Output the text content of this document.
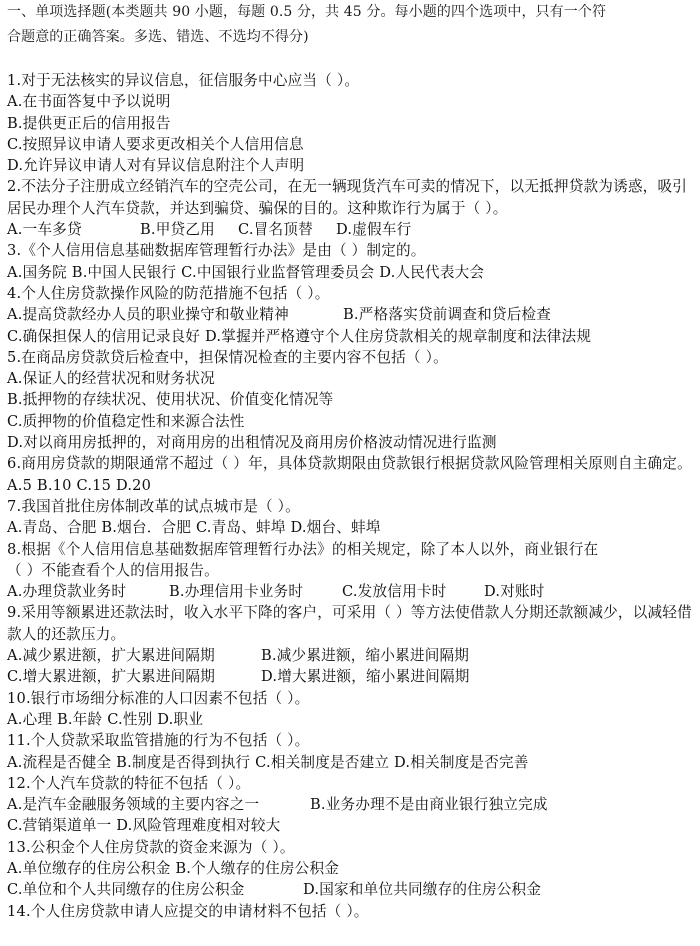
一、单项选择题(本类题共 90 小题，每题 0.5 分，共 45 分。每小题的四个选项中，只有一个符
合题意的正确答案。多选、错选、不选均不得分)
1.对于无法核实的异议信息，征信服务中心应当（ ）。
A.在书面答复中予以说明
B.提供更正后的信用报告
C.按照异议申请人要求更改相关个人信用信息
D.允许异议申请人对有异议信息附注个人声明
2.不法分子注册成立经销汽车的空壳公司，在无一辆现货汽车可卖的情况下，以无抵押贷款为诱惑，吸引居民办理个人汽车贷款，并达到骗贷、骗保的目的。这种欺诈行为属于（ ）。
A.一车多贷	B.甲贷乙用 C.冒名顶替 D.虚假车行
3.《个人信用信息基础数据库管理暂行办法》是由（ ）制定的。
A.国务院 B.中国人民银行 C.中国银行业监督管理委员会 D.人民代表大会
4.个人住房贷款操作风险的防范措施不包括（ ）。
A.提高贷款经办人员的职业操守和敬业精神	B.严格落实贷前调查和贷后检查
C.确保担保人的信用记录良好 D.掌握并严格遵守个人住房贷款相关的规章制度和法律法规
5.在商品房贷款贷后检查中，担保情况检查的主要内容不包括（ ）。
A.保证人的经营状况和财务状况
B.抵押物的存续状况、使用状况、价值变化情况等
C.质押物的价值稳定性和来源合法性
D.对以商用房抵押的，对商用房的出租情况及商用房价格波动情况进行监测
6.商用房贷款的期限通常不超过（ ）年，具体贷款期限由贷款银行根据贷款风险管理相关原则自主确定。
A.5 B.10 C.15 D.20
7.我国首批住房体制改革的试点城市是（ ）。
A.青岛、合肥 B.烟台．合肥 C.青岛、蚌埠 D.烟台、蚌埠
8.根据《个人信用信息基础数据库管理暂行办法》的相关规定，除了本人以外，商业银行在
（ ）不能查看个人的信用报告。
A.办理贷款业务时	B.办理信用卡业务时	C.发放信用卡时	D.对账时
9.采用等额累进还款法时，收入水平下降的客户，可采用（ ）等方法使借款人分期还款额减少，以减轻借款人的还款压力。
A.减少累进额，扩大累进间隔期	B.减少累进额，缩小累进间隔期
C.增大累进额，扩大累进间隔期	D.增大累进额，缩小累进间隔期
10.银行市场细分标准的人口因素不包括（ ）。
A.心理 B.年龄 C.性别 D.职业
11.个人贷款采取监管措施的行为不包括（ ）。
A.流程是否健全 B.制度是否得到执行 C.相关制度是否建立 D.相关制度是否完善
12.个人汽车贷款的特征不包括（ ）。
A.是汽车金融服务领域的主要内容之一	B.业务办理不是由商业银行独立完成
C.营销渠道单一 D.风险管理难度相对较大
13.公积金个人住房贷款的资金来源为（ ）。
A.单位缴存的住房公积金 B.个人缴存的住房公积金
C.单位和个人共同缴存的住房公积金	D.国家和单位共同缴存的住房公积金
14.个人住房贷款申请人应提交的申请材料不包括（ ）。
